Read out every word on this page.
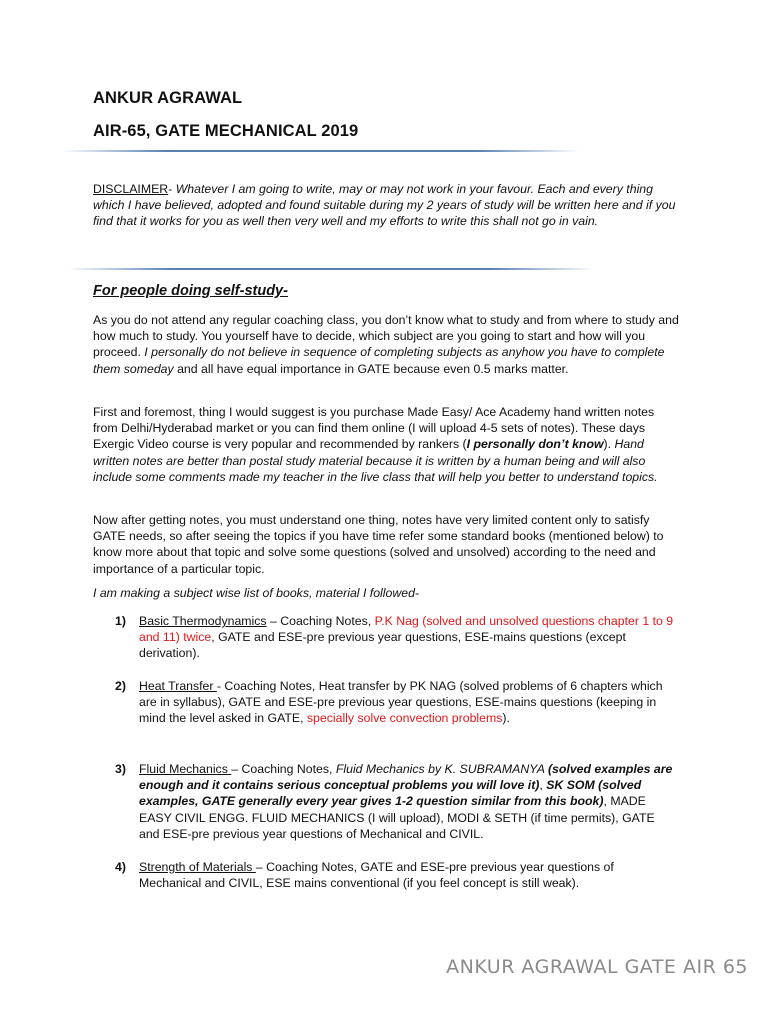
ANKUR AGRAWAL
AIR-65, GATE MECHANICAL 2019

DISCLAIMER- Whatever I am going to write, may or may not work in your favour. Each and every thing which I have believed, adopted and found suitable during my 2 years of study will be written here and if you find that it works for you as well then very well and my efforts to write this shall not go in vain.

For people doing self-study-

As you do not attend any regular coaching class, you don’t know what to study and from where to study and how much to study. You yourself have to decide, which subject are you going to start and how will you proceed. I personally do not believe in sequence of completing subjects as anyhow you have to complete them someday and all have equal importance in GATE because even 0.5 marks matter.

First and foremost, thing I would suggest is you purchase Made Easy/ Ace Academy hand written notes from Delhi/Hyderabad market or you can find them online (I will upload 4-5 sets of notes). These days Exergic Video course is very popular and recommended by rankers (I personally don’t know). Hand written notes are better than postal study material because it is written by a human being and will also include some comments made my teacher in the live class that will help you better to understand topics.

Now after getting notes, you must understand one thing, notes have very limited content only to satisfy GATE needs, so after seeing the topics if you have time refer some standard books (mentioned below) to know more about that topic and solve some questions (solved and unsolved) according to the need and importance of a particular topic.

I am making a subject wise list of books, material I followed-

1) Basic Thermodynamics – Coaching Notes, P.K Nag (solved and unsolved questions chapter 1 to 9 and 11) twice, GATE and ESE-pre previous year questions, ESE-mains questions (except derivation).
2) Heat Transfer - Coaching Notes, Heat transfer by PK NAG (solved problems of 6 chapters which are in syllabus), GATE and ESE-pre previous year questions, ESE-mains questions (keeping in mind the level asked in GATE, specially solve convection problems).
3) Fluid Mechanics – Coaching Notes, Fluid Mechanics by K. SUBRAMANYA (solved examples are enough and it contains serious conceptual problems you will love it), SK SOM (solved examples, GATE generally every year gives 1-2 question similar from this book), MADE EASY CIVIL ENGG. FLUID MECHANICS (I will upload), MODI & SETH (if time permits), GATE and ESE-pre previous year questions of Mechanical and CIVIL.
4) Strength of Materials – Coaching Notes, GATE and ESE-pre previous year questions of Mechanical and CIVIL, ESE mains conventional (if you feel concept is still weak).
ANKUR AGRAWAL GATE AIR 65
